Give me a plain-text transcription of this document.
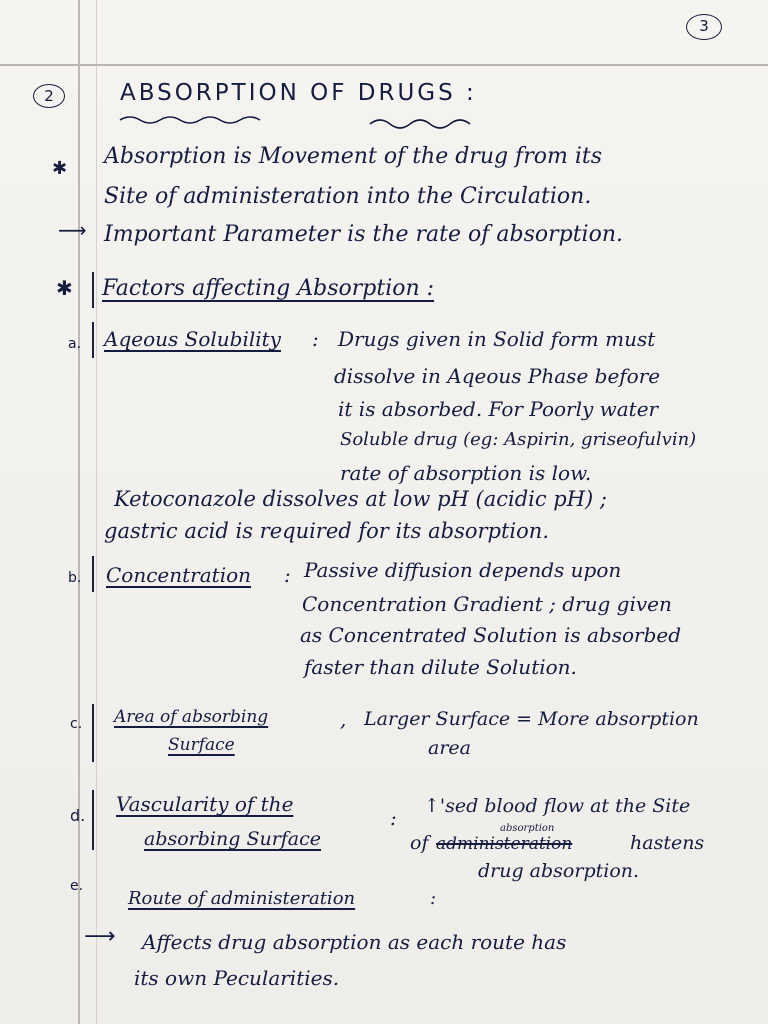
3
2	ABSORPTION OF DRUGS :
✱ Absorption is Movement of the drug from its
Site of administeration into the Circulation.
⟶ Important Parameter is the rate of absorption.
✱ Factors affecting Absorption :
a. Aqeous Solubility : Drugs given in Solid form must
dissolve in Aqeous Phase before
it is absorbed. For Poorly water
Soluble drug (eg: Aspirin, griseofulvin)
rate of absorption is low.
Ketoconazole dissolves at low pH (acidic pH) ;
gastric acid is required for its absorption.
b. Concentration : Passive diffusion depends upon
Concentration Gradient ; drug given
as Concentrated Solution is absorbed
faster than dilute Solution.
c. Area of absorbing
Surface
, Larger Surface = More absorption
area
d. Vascularity of the
absorbing Surface
: ↑'sed blood flow at the Site
absorption
of administeration	hastens
drug absorption.
e.
Route of administeration	:
⟶ Affects drug absorption as each route has
its own Pecularities.
